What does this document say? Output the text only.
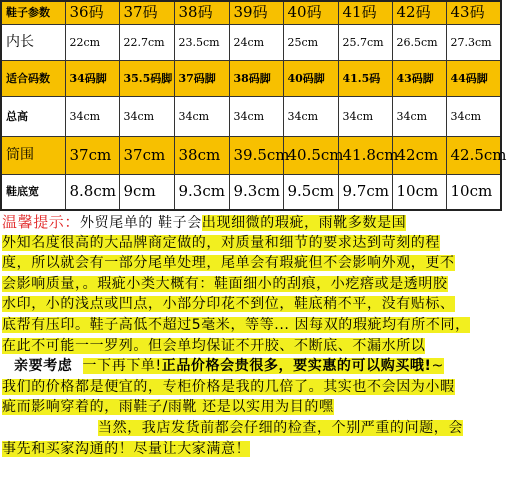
鞋子参数	36码	37码	38码	39码	40码	41码	42码	43码
内长	22cm	22.7cm	23.5cm	24cm	25cm	25.7cm	26.5cm	27.3cm
适合码数	34码脚	35.5码脚	37码脚	38码脚	40码脚	41.5码	43码脚	44码脚
总高	34cm	34cm	34cm	34cm	34cm	34cm	34cm	34cm
筒围	37cm	37cm	38cm	39.5cm	40.5cm	41.8cm	42cm	42.5cm
鞋底宽	8.8cm	9cm	9.3cm	9.3cm	9.5cm	9.7cm	10cm	10cm
温馨提示：外贸尾单的 鞋子会出现细微的瑕疵，雨靴多数是国
外知名度很高的大品牌商定做的，对质量和细节的要求达到苛刻的程
度，所以就会有一部分尾单处理，尾单会有瑕疵但不会影响外观，更不
会影响质量，。瑕疵小类大概有：鞋面细小的刮痕，小疙瘩或是透明胶
水印，小的浅点或凹点，小部分印花不到位，鞋底稍不平，没有贴标、
底帮有压印。鞋子高低不超过5毫米，等等... 因每双的瑕疵均有所不同，
在此不可能一一罗列。但会单均保证不开胶、不断底、不漏水所以
亲要考虑 一下再下单!正品价格会贵很多，要实惠的可以购买哦!~
我们的价格都是便宜的，专柜价格是我的几倍了。其实也不会因为小暇
疵而影响穿着的，雨鞋子/雨靴 还是以实用为目的嘿
当然，我店发货前都会仔细的检查，个别严重的问题，会
事先和买家沟通的！尽量让大家满意！
